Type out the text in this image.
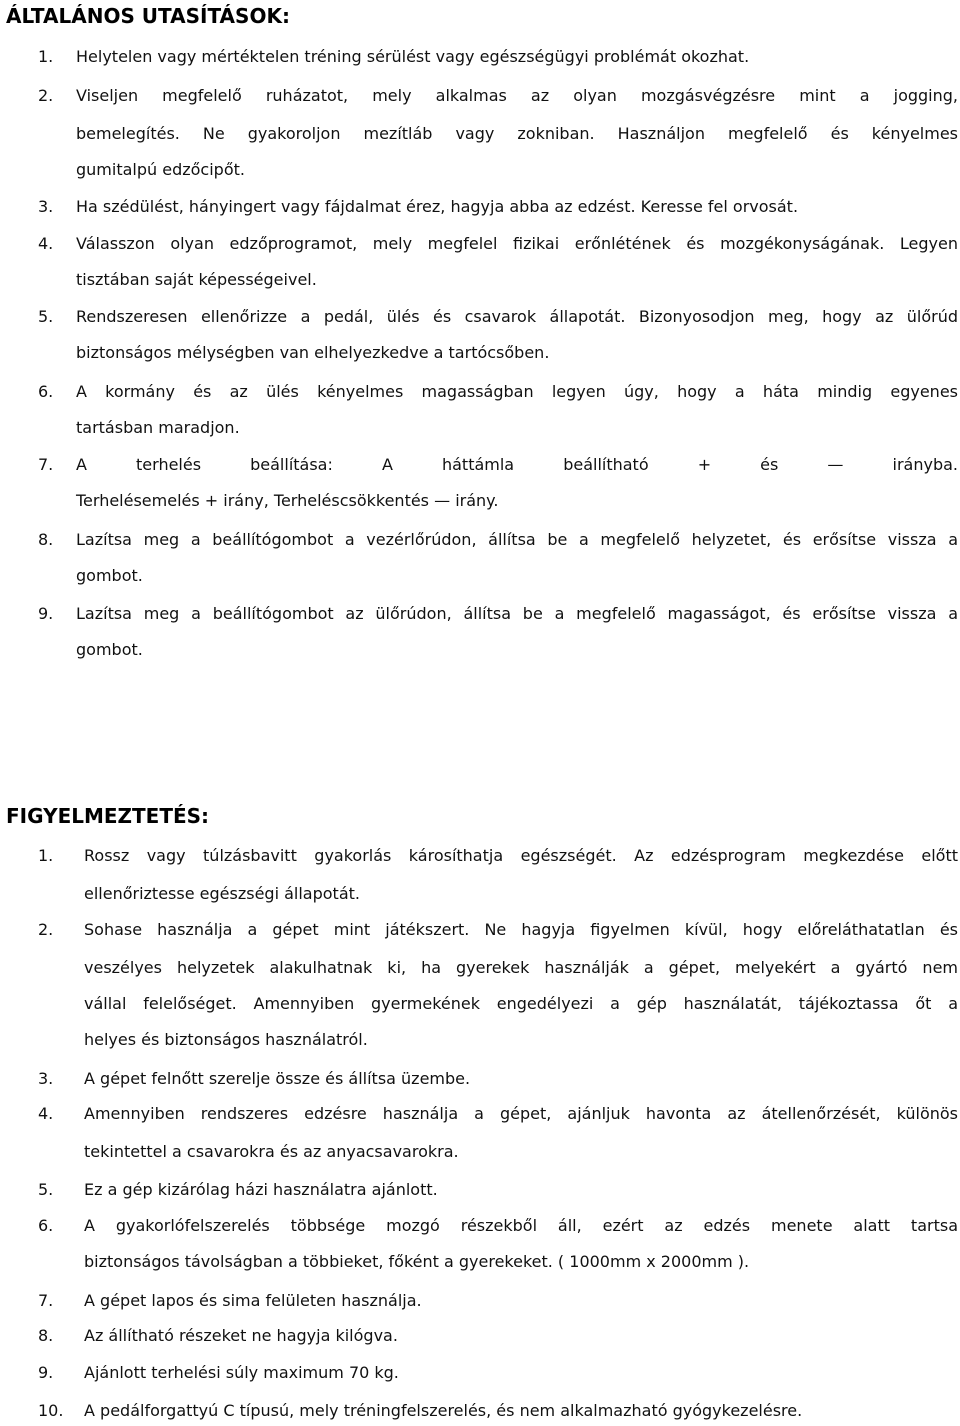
ÁLTALÁNOS UTASÍTÁSOK:
1. Helytelen vagy mértéktelen tréning sérülést vagy egészségügyi problémát okozhat.
2. Viseljen megfelelő ruházatot, mely alkalmas az olyan mozgásvégzésre mint a jogging,
bemelegítés. Ne gyakoroljon mezítláb vagy zokniban. Használjon megfelelő és kényelmes
gumitalpú edzőcipőt.
3. Ha szédülést, hányingert vagy fájdalmat érez, hagyja abba az edzést. Keresse fel orvosát.
4. Válasszon olyan edzőprogramot, mely megfelel fizikai erőnlétének és mozgékonyságának. Legyen
tisztában saját képességeivel.
5. Rendszeresen ellenőrizze a pedál, ülés és csavarok állapotát. Bizonyosodjon meg, hogy az ülőrúd
biztonságos mélységben van elhelyezkedve a tartócsőben.
6. A kormány és az ülés kényelmes magasságban legyen úgy, hogy a háta mindig egyenes
tartásban maradjon.
7. A terhelés beállítása: A háttámla beállítható + és — irányba.
Terhelésemelés + irány, Terheléscsökkentés — irány.
8. Lazítsa meg a beállítógombot a vezérlőrúdon, állítsa be a megfelelő helyzetet, és erősítse vissza a
gombot.
9. Lazítsa meg a beállítógombot az ülőrúdon, állítsa be a megfelelő magasságot, és erősítse vissza a
gombot.
FIGYELMEZTETÉS:
1. Rossz vagy túlzásbavitt gyakorlás károsíthatja egészségét. Az edzésprogram megkezdése előtt
ellenőriztesse egészségi állapotát.
2. Sohase használja a gépet mint játékszert. Ne hagyja figyelmen kívül, hogy előreláthatatlan és
veszélyes helyzetek alakulhatnak ki, ha gyerekek használják a gépet, melyekért a gyártó nem
vállal felelőséget. Amennyiben gyermekének engedélyezi a gép használatát, tájékoztassa őt a
helyes és biztonságos használatról.
3. A gépet felnőtt szerelje össze és állítsa üzembe.
4. Amennyiben rendszeres edzésre használja a gépet, ajánljuk havonta az átellenőrzését, különös
tekintettel a csavarokra és az anyacsavarokra.
5. Ez a gép kizárólag házi használatra ajánlott.
6. A gyakorlófelszerelés többsége mozgó részekből áll, ezért az edzés menete alatt tartsa
biztonságos távolságban a többieket, főként a gyerekeket. ( 1000mm x 2000mm ).
7. A gépet lapos és sima felületen használja.
8. Az állítható részeket ne hagyja kilógva.
9. Ajánlott terhelési súly maximum 70 kg.
10. A pedálforgattyú C típusú, mely tréningfelszerelés, és nem alkalmazható gyógykezelésre.
